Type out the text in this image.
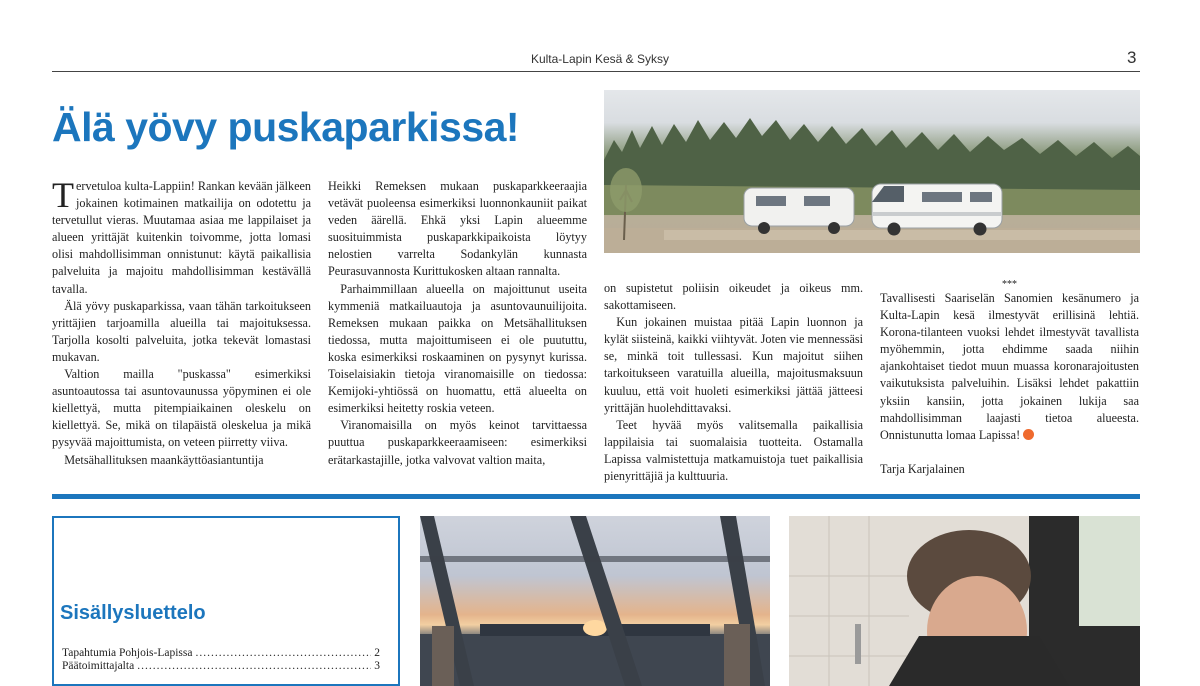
Kulta-Lapin Kesä & Syksy	3
Älä yövy puskaparkissa!

Tervetuloa kulta-Lappiin! Rankan kevään jälkeen jokainen kotimainen matkailija on odotettu ja tervetullut vieras. Muutamaa asiaa me lappilaiset ja alueen yrittäjät kuitenkin toivomme, jotta lomasi olisi mahdollisimman onnistunut: käytä paikallisia palveluita ja majoitu mahdollisimman kestävällä tavalla.

Älä yövy puskaparkissa, vaan tähän tarkoitukseen yrittäjien tarjoamilla alueilla tai majoituksessa. Tarjolla kosolti palveluita, jotka tekevät lomastasi mukavan.

Valtion mailla "puskassa" esimerkiksi asuntoautossa tai asuntovaunussa yöpyminen ei ole kiellettyä, mutta pitempiaikainen oleskelu on kiellettyä. Se, mikä on tilapäistä oleskelua ja mikä pysyvää majoittumista, on veteen piirretty viiva.

Metsähallituksen maankäyttöasiantuntija

Heikki Remeksen mukaan puskaparkkeeraajia vetävät puoleensa esimerkiksi luonnonkauniit paikat veden äärellä. Ehkä yksi Lapin alueemme suosituimmista puskaparkkipaikoista löytyy nelostien varrelta Sodankylän kunnasta Peurasuvannosta Kurittukosken altaan rannalta.

Parhaimmillaan alueella on majoittunut useita kymmeniä matkailuautoja ja asuntovaunuilijoita. Remeksen mukaan paikka on Metsähallituksen tiedossa, mutta majoittumiseen ei ole puututtu, koska esimerkiksi roskaaminen on pysynyt kurissa. Toiselaisiakin tietoja viranomaisille on tiedossa: Kemijoki-yhtiössä on huomattu, että alueelta on esimerkiksi heitetty roskia veteen.

Viranomaisilla on myös keinot tarvittaessa puuttua puskaparkkeeraamiseen: esimerkiksi erätarkastajille, jotka valvovat valtion maita,

on supistetut poliisin oikeudet ja oikeus mm. sakottamiseen.

Kun jokainen muistaa pitää Lapin luonnon ja kylät siisteinä, kaikki viihtyvät. Joten vie mennessäsi se, minkä toit tullessasi. Kun majoitut siihen tarkoitukseen varatuilla alueilla, majoitusmaksuun kuuluu, että voit huoleti esimerkiksi jättää jätteesi yrittäjän huolehdittavaksi.

Teet hyvää myös valitsemalla paikallisia lappilaisia tai suomalaisia tuotteita. Ostamalla Lapissa valmistettuja matkamuistoja tuet paikallisia pienyrittäjiä ja kulttuuria.

***

Tavallisesti Saariselän Sanomien kesänumero ja Kulta-Lapin kesä ilmestyvät erillisinä lehtiä. Korona-tilanteen vuoksi lehdet ilmestyvät tavallista myöhemmin, jotta ehdimme saada niihin ajankohtaiset tiedot muun muassa koronarajoitusten vaikutuksista palveluihin. Lisäksi lehdet pakattiin yksiin kansiin, jotta jokainen lukija saa mahdollisimman laajasti tietoa alueesta. Onnistunutta lomaa Lapissa!

Tarja Karjalainen

Sisällysluettelo
Tapahtumia Pohjois-Lapissa .....	2
Päätoimittajalta .....	3
